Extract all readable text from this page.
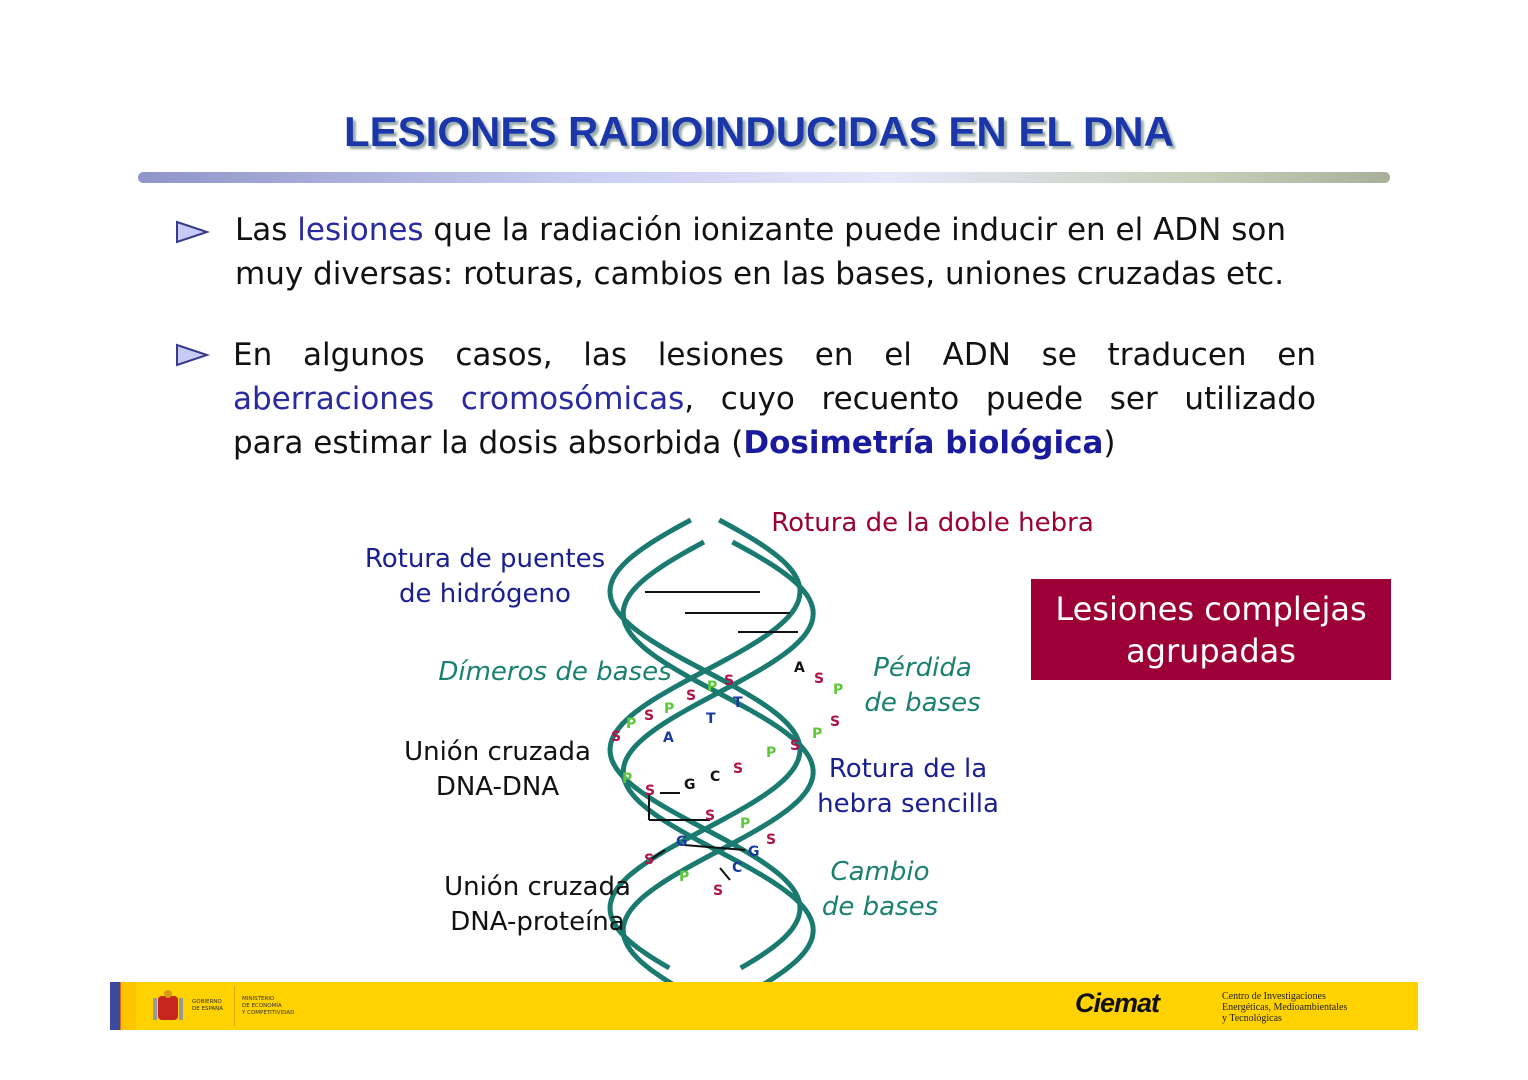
LESIONES RADIOINDUCIDAS EN EL DNA
Las lesiones que la radiación ionizante puede inducir en el ADN son
muy diversas: roturas, cambios en las bases, uniones cruzadas etc.
En algunos casos, las lesiones en el ADN se traducen en
aberraciones cromosómicas, cuyo recuento puede ser utilizado
para estimar la dosis absorbida (Dosimetría biológica)
S
P S P
S
P S
A
T
T
A
S
P
S
P
S
P
S
P
S G C
S P
S
G
G
S
P
S
C
Rotura de la doble hebra
Rotura de puentes
de hidrógeno
Dímeros de bases	Pérdida
de bases
Unión cruzada
DNA-DNA
Rotura de la
hebra sencilla
Unión cruzada
DNA-proteína
Cambio
de bases
Lesiones complejas
agrupadas
GOBIERNO
DE ESPAÑA
MINISTERIO
DE ECONOMÍA
Y COMPETITIVIDAD	Ciemat	Centro de Investigaciones
Energéticas, Medioambientales
y Tecnológicas
